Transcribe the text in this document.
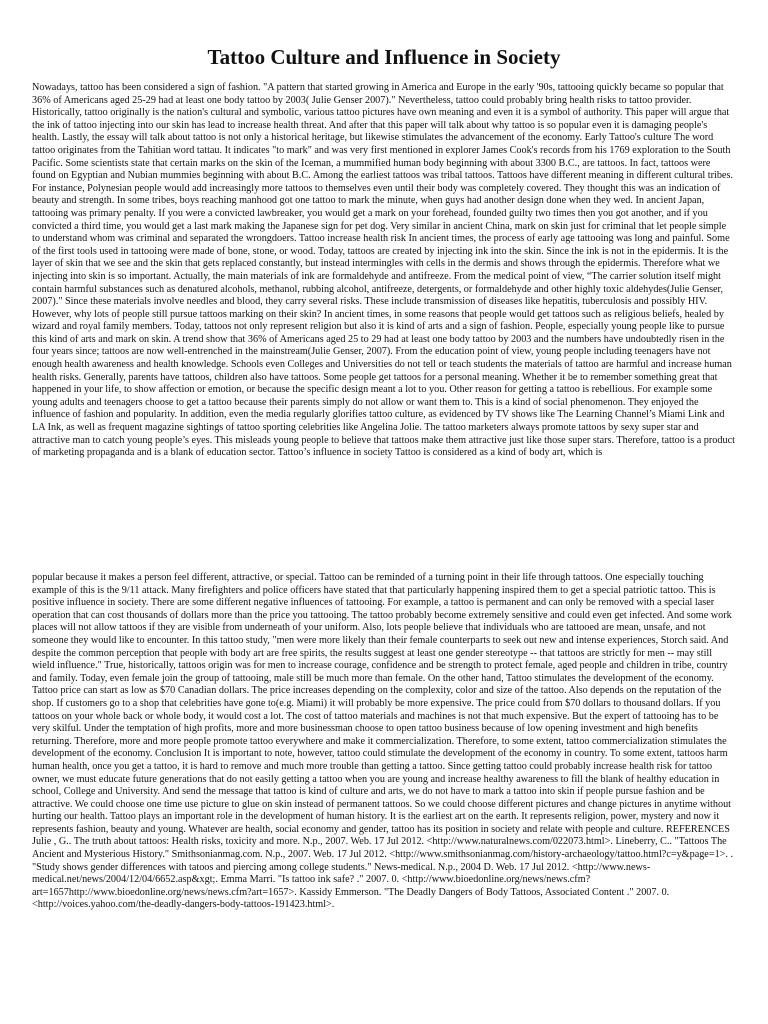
Tattoo Culture and Influence in Society

Nowadays, tattoo has been considered a sign of fashion. "A pattern that started growing in America and Europe in the early '90s, tattooing quickly became so popular that 36% of Americans aged 25-29 had at least one body tattoo by 2003( Julie Genser 2007)." Nevertheless, tattoo could probably bring health risks to tattoo provider. Historically, tattoo originally is the nation's cultural and symbolic, various tattoo pictures have own meaning and even it is a symbol of authority. This paper will argue that the ink of tattoo injecting into our skin has lead to increase health threat. And after that this paper will talk about why tattoo is so popular even it is damaging people's health. Lastly, the essay will talk about tattoo is not only a historical heritage, but likewise stimulates the advancement of the economy. Early Tattoo's culture The word tattoo originates from the Tahitian word tattau. It indicates "to mark" and was very first mentioned in explorer James Cook's records from his 1769 exploration to the South Pacific. Some scientists state that certain marks on the skin of the Iceman, a mummified human body beginning with about 3300 B.C., are tattoos. In fact, tattoos were found on Egyptian and Nubian mummies beginning with about B.C. Among the earliest tattoos was tribal tattoos. Tattoos have different meaning in different cultural tribes. For instance, Polynesian people would add increasingly more tattoos to themselves even until their body was completely covered. They thought this was an indication of beauty and strength. In some tribes, boys reaching manhood got one tattoo to mark the minute, when guys had another design done when they wed. In ancient Japan, tattooing was primary penalty. If you were a convicted lawbreaker, you would get a mark on your forehead, founded guilty two times then you got another, and if you convicted a third time, you would get a last mark making the Japanese sign for pet dog. Very similar in ancient China, mark on skin just for criminal that let people simple to understand whom was criminal and separated the wrongdoers. Tattoo increase health risk In ancient times, the process of early age tattooing was long and painful. Some of the first tools used in tattooing were made of bone, stone, or wood. Today, tattoos are created by injecting ink into the skin. Since the ink is not in the epidermis. It is the layer of skin that we see and the skin that gets replaced constantly, but instead intermingles with cells in the dermis and shows through the epidermis. Therefore what we injecting into skin is so important. Actually, the main materials of ink are formaldehyde and antifreeze. From the medical point of view, “The carrier solution itself might contain harmful substances such as denatured alcohols, methanol, rubbing alcohol, antifreeze, detergents, or formaldehyde and other highly toxic aldehydes(Julie Genser, 2007)." Since these materials involve needles and blood, they carry several risks. These include transmission of diseases like hepatitis, tuberculosis and possibly HIV. However, why lots of people still pursue tattoos marking on their skin? In ancient times, in some reasons that people would get tattoos such as religious beliefs, healed by wizard and royal family members. Today, tattoos not only represent religion but also it is kind of arts and a sign of fashion. People, especially young people like to pursue this kind of arts and mark on skin. A trend show that 36% of Americans aged 25 to 29 had at least one body tattoo by 2003 and the numbers have undoubtedly risen in the four years since; tattoos are now well-entrenched in the mainstream(Julie Genser, 2007). From the education point of view, young people including teenagers have not enough health awareness and health knowledge. Schools even Colleges and Universities do not tell or teach students the materials of tattoo are harmful and increase human health risks. Generally, parents have tattoos, children also have tattoos. Some people get tattoos for a personal meaning. Whether it be to remember something great that happened in your life, to show affection or emotion, or because the specific design meant a lot to you. Other reason for getting a tattoo is rebellious. For example some young adults and teenagers choose to get a tattoo because their parents simply do not allow or want them to. This is a kind of social phenomenon. They enjoyed the influence of fashion and popularity. In addition, even the media regularly glorifies tattoo culture, as evidenced by TV shows like The Learning Channel’s Miami Link and LA Ink, as well as frequent magazine sightings of tattoo sporting celebrities like Angelina Jolie. The tattoo marketers always promote tattoos by sexy super star and attractive man to catch young people’s eyes. This misleads young people to believe that tattoos make them attractive just like those super stars. Therefore, tattoo is a product of marketing propaganda and is a blank of education sector. Tattoo’s influence in society Tattoo is considered as a kind of body art, which is

popular because it makes a person feel different, attractive, or special. Tattoo can be reminded of a turning point in their life through tattoos. One especially touching example of this is the 9/11 attack. Many firefighters and police officers have stated that that particularly happening inspired them to get a special patriotic tattoo. This is positive influence in society. There are some different negative influences of tattooing. For example, a tattoo is permanent and can only be removed with a special laser operation that can cost thousands of dollars more than the price you tattooing. The tattoo probably become extremely sensitive and could even get infected. And some work places will not allow tattoos if they are visible from underneath of your uniform. Also, lots people believe that individuals who are tattooed are mean, unsafe, and not someone they would like to encounter. In this tattoo study, "men were more likely than their female counterparts to seek out new and intense experiences, Storch said. And despite the common perception that people with body art are free spirits, the results suggest at least one gender stereotype -- that tattoos are strictly for men -- may still wield influence." True, historically, tattoos origin was for men to increase courage, confidence and be strength to protect female, aged people and children in tribe, country and family. Today, even female join the group of tattooing, male still be much more than female. On the other hand, Tattoo stimulates the development of the economy. Tattoo price can start as low as $70 Canadian dollars. The price increases depending on the complexity, color and size of the tattoo. Also depends on the reputation of the shop. If customers go to a shop that celebrities have gone to(e.g. Miami) it will probably be more expensive. The price could from $70 dollars to thousand dollars. If you tattoos on your whole back or whole body, it would cost a lot. The cost of tattoo materials and machines is not that much expensive. But the expert of tattooing has to be very skilful. Under the temptation of high profits, more and more businessman choose to open tattoo business because of low opening investment and high benefits returning. Therefore, more and more people promote tattoo everywhere and make it commercialization. Therefore, to some extent, tattoo commercialization stimulates the development of the economy. Conclusion It is important to note, however, tattoo could stimulate the development of the economy in country. To some extent, tattoos harm human health, once you get a tattoo, it is hard to remove and much more trouble than getting a tattoo. Since getting tattoo could probably increase health risk for tattoo owner, we must educate future generations that do not easily getting a tattoo when you are young and increase healthy awareness to fill the blank of healthy education in school, College and University. And send the message that tattoo is kind of culture and arts, we do not have to mark a tattoo into skin if people pursue fashion and be attractive. We could choose one time use picture to glue on skin instead of permanent tattoos. So we could choose different pictures and change pictures in anytime without hurting our health. Tattoo plays an important role in the development of human history. It is the earliest art on the earth. It represents religion, power, mystery and now it represents fashion, beauty and young. Whatever are health, social economy and gender, tattoo has its position in society and relate with people and culture. REFERENCES Julie , G.. The truth about tattoos: Health risks, toxicity and more. N.p., 2007. Web. 17 Jul 2012. <http://www.naturalnews.com/022073.html>. Lineberry, C.. "Tattoos The Ancient and Mysterious History." Smithsonianmag.com. N.p., 2007. Web. 17 Jul 2012. <http://www.smithsonianmag.com/history-archaeology/tattoo.html?c=y&page=1>. . "Study shows gender differences with tatoos and piercing among college students." News-medical. N.p., 2004 D. Web. 17 Jul 2012. <http://www.news-medical.net/news/2004/12/04/6652.asp&xgt;. Emma Marri. "Is tattoo ink safe? ." 2007. 0. <http://www.bioedonline.org/news/news.cfm?art=1657http://www.bioedonline.org/news/news.cfm?art=1657>. Kassidy Emmerson. "The Deadly Dangers of Body Tattoos, Associated Content ." 2007. 0. <http://voices.yahoo.com/the-deadly-dangers-body-tattoos-191423.html>.
